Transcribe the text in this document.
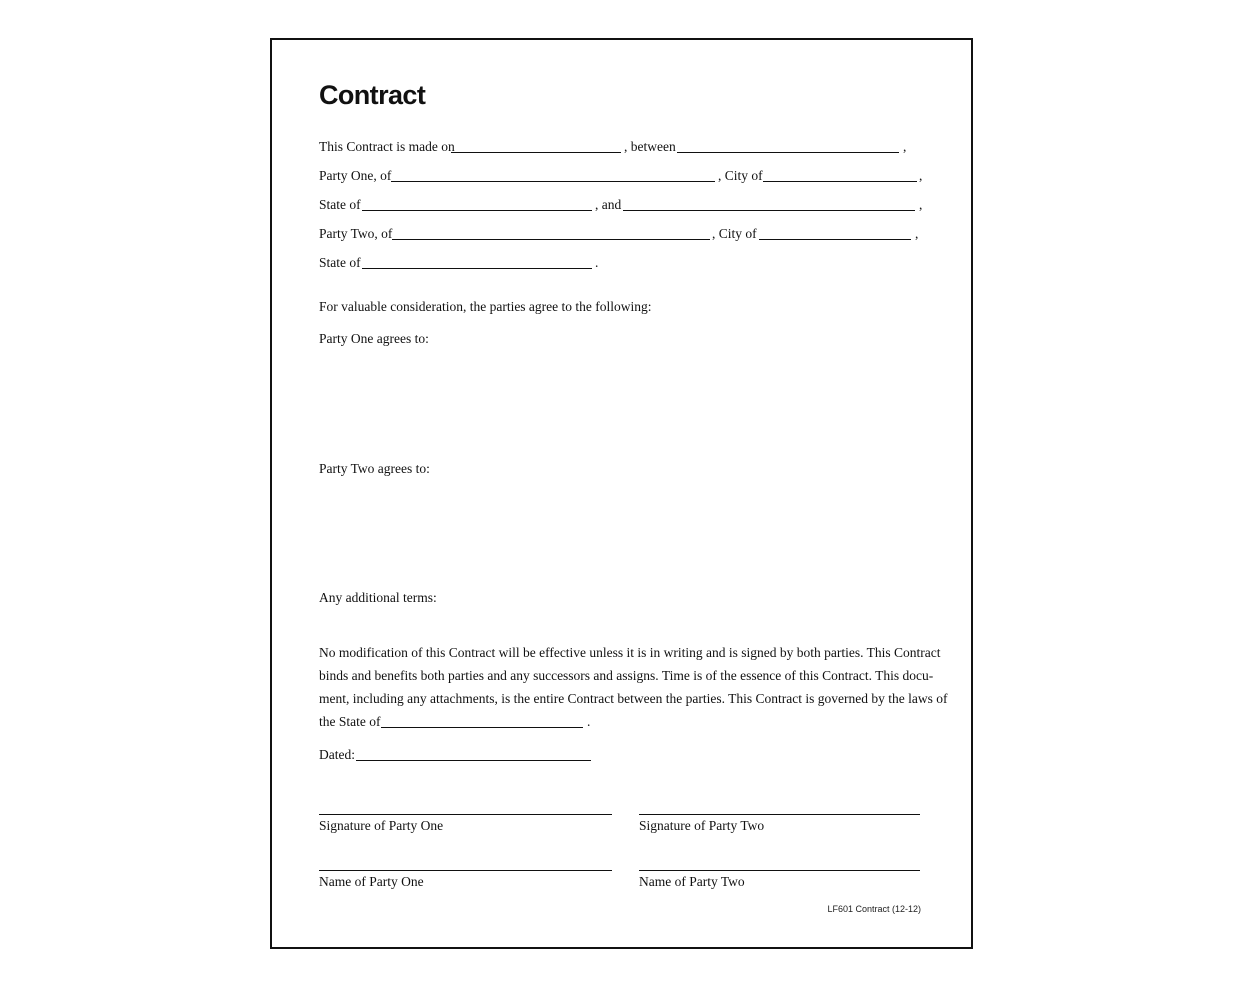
Contract
This Contract is made on	, between	,
Party One, of	, City of	,
State of	, and	,
Party Two, of	, City of	,
State of	.
For valuable consideration, the parties agree to the following:
Party One agrees to:
Party Two agrees to:
Any additional terms:
No modification of this Contract will be effective unless it is in writing and is signed by both parties. This Contract
binds and benefits both parties and any successors and assigns. Time is of the essence of this Contract. This docu-
ment, including any attachments, is the entire Contract between the parties. This Contract is governed by the laws of
the State of	.
Dated:
Signature of Party One	Signature of Party Two
Name of Party One	Name of Party Two
LF601 Contract (12-12)
